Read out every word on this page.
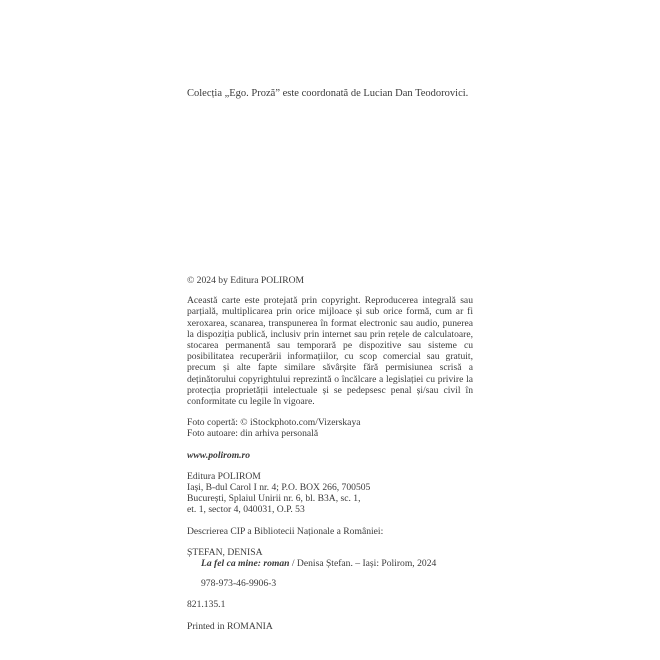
Colecția „Ego. Proză” este coordonată de Lucian Dan Teodorovici.

© 2024 by Editura POLIROM

Această carte este protejată prin copyright. Reproducerea integrală sau parțială, multiplicarea prin orice mijloace și sub orice formă, cum ar fi xeroxarea, scanarea, transpunerea în format electronic sau audio, punerea la dispoziția publică, inclusiv prin internet sau prin rețele de calculatoare, stocarea permanentă sau temporară pe dispozitive sau sisteme cu posibilitatea recuperării informațiilor, cu scop comercial sau gratuit, precum și alte fapte similare săvârșite fără permisiunea scrisă a deținătorului copyrightului reprezintă o încălcare a legislației cu privire la protecția proprietății intelectuale și se pedepsesc penal și/sau civil în conformitate cu legile în vigoare.

Foto copertă: © iStockphoto.com/Vizerskaya

Foto autoare: din arhiva personală

www.polirom.ro

Editura POLIROM

Iași, B-dul Carol I nr. 4; P.O. BOX 266, 700505

București, Splaiul Unirii nr. 6, bl. B3A, sc. 1,

et. 1, sector 4, 040031, O.P. 53

Descrierea CIP a Bibliotecii Naționale a României:

ȘTEFAN, DENISA

La fel ca mine: roman / Denisa Ștefan. – Iași: Polirom, 2024

978-973-46-9906-3

821.135.1

Printed in ROMANIA
